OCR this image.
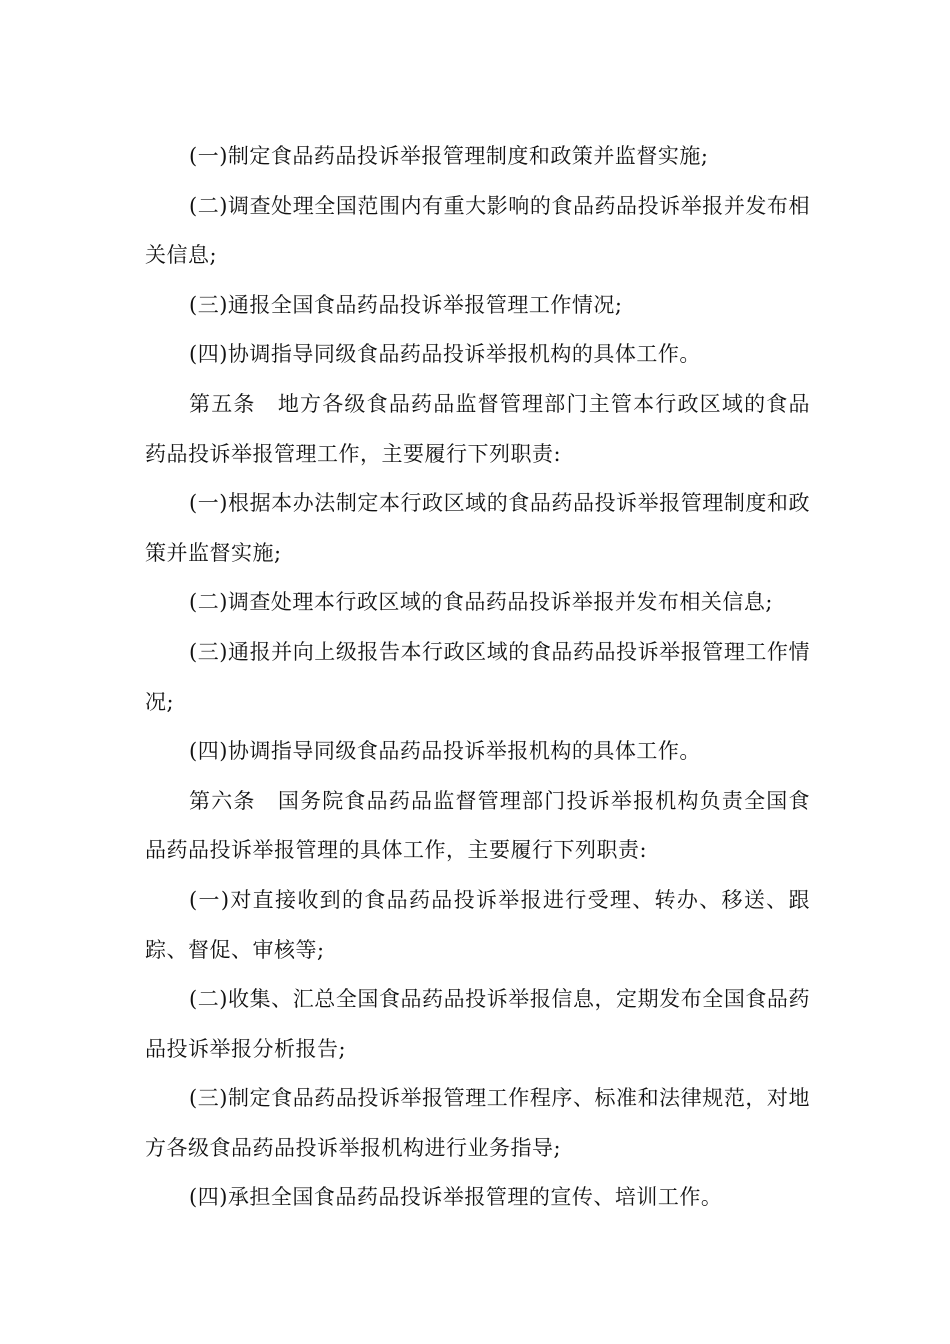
(一)制定食品药品投诉举报管理制度和政策并监督实施;

(二)调查处理全国范围内有重大影响的食品药品投诉举报并发布相关信息;

(三)通报全国食品药品投诉举报管理工作情况;

(四)协调指导同级食品药品投诉举报机构的具体工作。

第五条　地方各级食品药品监督管理部门主管本行政区域的食品药品投诉举报管理工作，主要履行下列职责:

(一)根据本办法制定本行政区域的食品药品投诉举报管理制度和政策并监督实施;

(二)调查处理本行政区域的食品药品投诉举报并发布相关信息;

(三)通报并向上级报告本行政区域的食品药品投诉举报管理工作情况;

(四)协调指导同级食品药品投诉举报机构的具体工作。

第六条　国务院食品药品监督管理部门投诉举报机构负责全国食品药品投诉举报管理的具体工作，主要履行下列职责:

(一)对直接收到的食品药品投诉举报进行受理、转办、移送、跟踪、督促、审核等;

(二)收集、汇总全国食品药品投诉举报信息，定期发布全国食品药品投诉举报分析报告;

(三)制定食品药品投诉举报管理工作程序、标准和法律规范，对地方各级食品药品投诉举报机构进行业务指导;

(四)承担全国食品药品投诉举报管理的宣传、培训工作。
